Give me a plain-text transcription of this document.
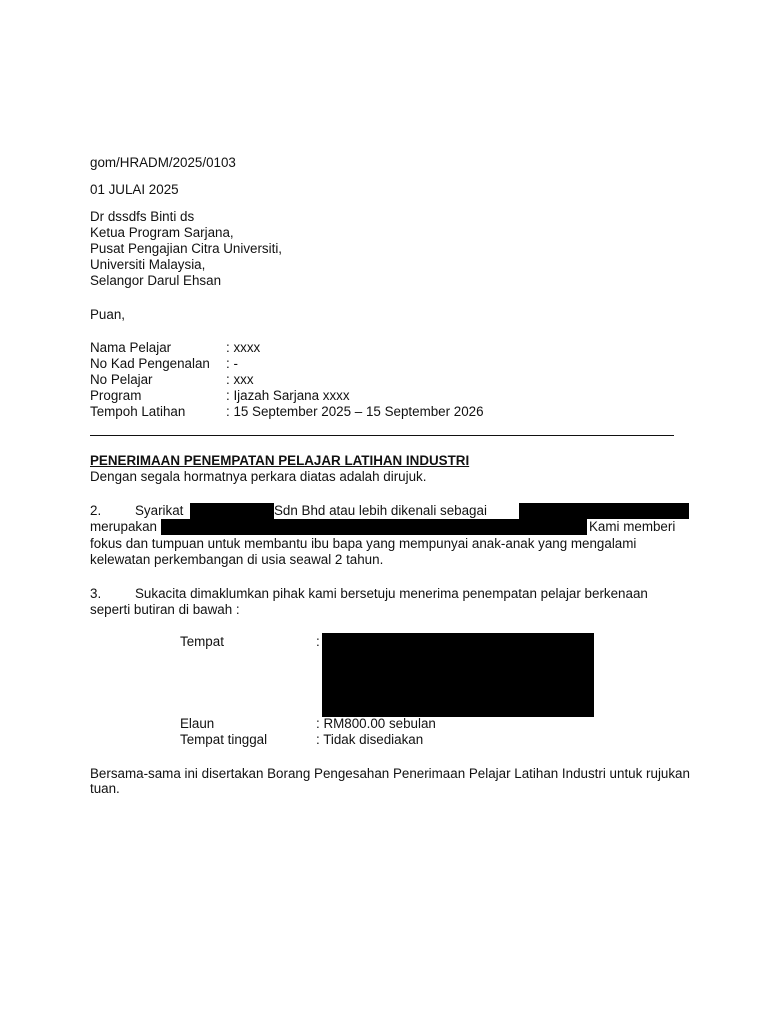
gom/HRADM/2025/0103
01 JULAI 2025
Dr dssdfs Binti ds
Ketua Program Sarjana,
Pusat Pengajian Citra Universiti,
Universiti Malaysia,
Selangor Darul Ehsan
Puan,
Nama Pelajar	: xxxx
No Kad Pengenalan : -
No Pelajar	: xxx
Program	: Ijazah Sarjana xxxx
Tempoh Latihan	: 15 September 2025 – 15 September 2026
PENERIMAAN PENEMPATAN PELAJAR LATIHAN INDUSTRI
Dengan segala hormatnya perkara diatas adalah dirujuk.
2.	Syarikat	Sdn Bhd atau lebih dikenali sebagai
merupakan	Kami memberi
fokus dan tumpuan untuk membantu ibu bapa yang mempunyai anak-anak yang mengalami
kelewatan perkembangan di usia seawal 2 tahun.
3.	Sukacita dimaklumkan pihak kami bersetuju menerima penempatan pelajar berkenaan
seperti butiran di bawah :
Tempat	:
Elaun	: RM800.00 sebulan
Tempat tinggal	: Tidak disediakan
Bersama-sama ini disertakan Borang Pengesahan Penerimaan Pelajar Latihan Industri untuk rujukan
tuan.
